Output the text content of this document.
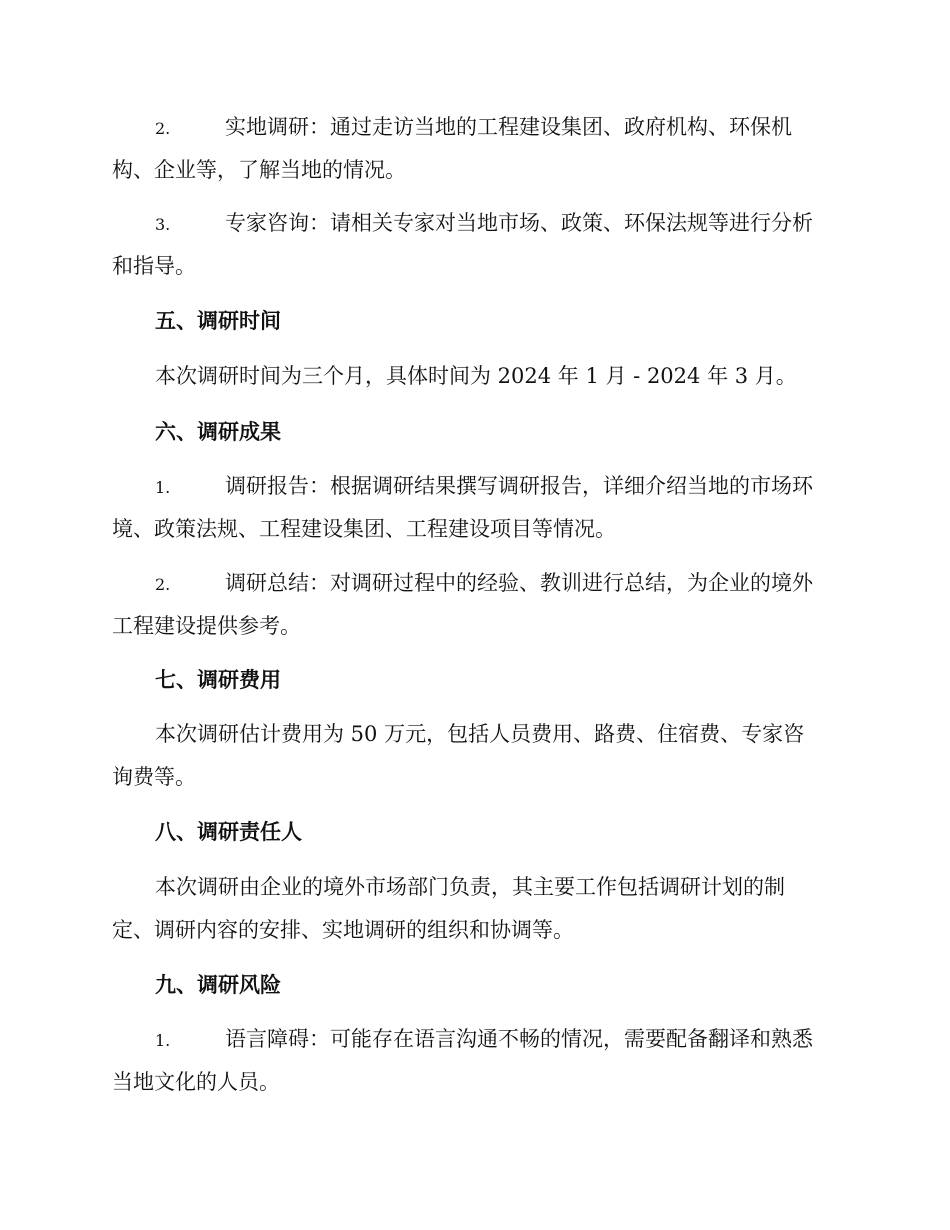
2.	实地调研：通过走访当地的工程建设集团、政府机构、环保机
构、企业等，了解当地的情况。
3.	专家咨询：请相关专家对当地市场、政策、环保法规等进行分析
和指导。
五、调研时间
本次调研时间为三个月，具体时间为 2024 年 1 月 - 2024 年 3 月。
六、调研成果
1.	调研报告：根据调研结果撰写调研报告，详细介绍当地的市场环
境、政策法规、工程建设集团、工程建设项目等情况。
2.	调研总结：对调研过程中的经验、教训进行总结，为企业的境外
工程建设提供参考。
七、调研费用
本次调研估计费用为 50 万元，包括人员费用、路费、住宿费、专家咨
询费等。
八、调研责任人
本次调研由企业的境外市场部门负责，其主要工作包括调研计划的制
定、调研内容的安排、实地调研的组织和协调等。
九、调研风险
1.	语言障碍：可能存在语言沟通不畅的情况，需要配备翻译和熟悉
当地文化的人员。
